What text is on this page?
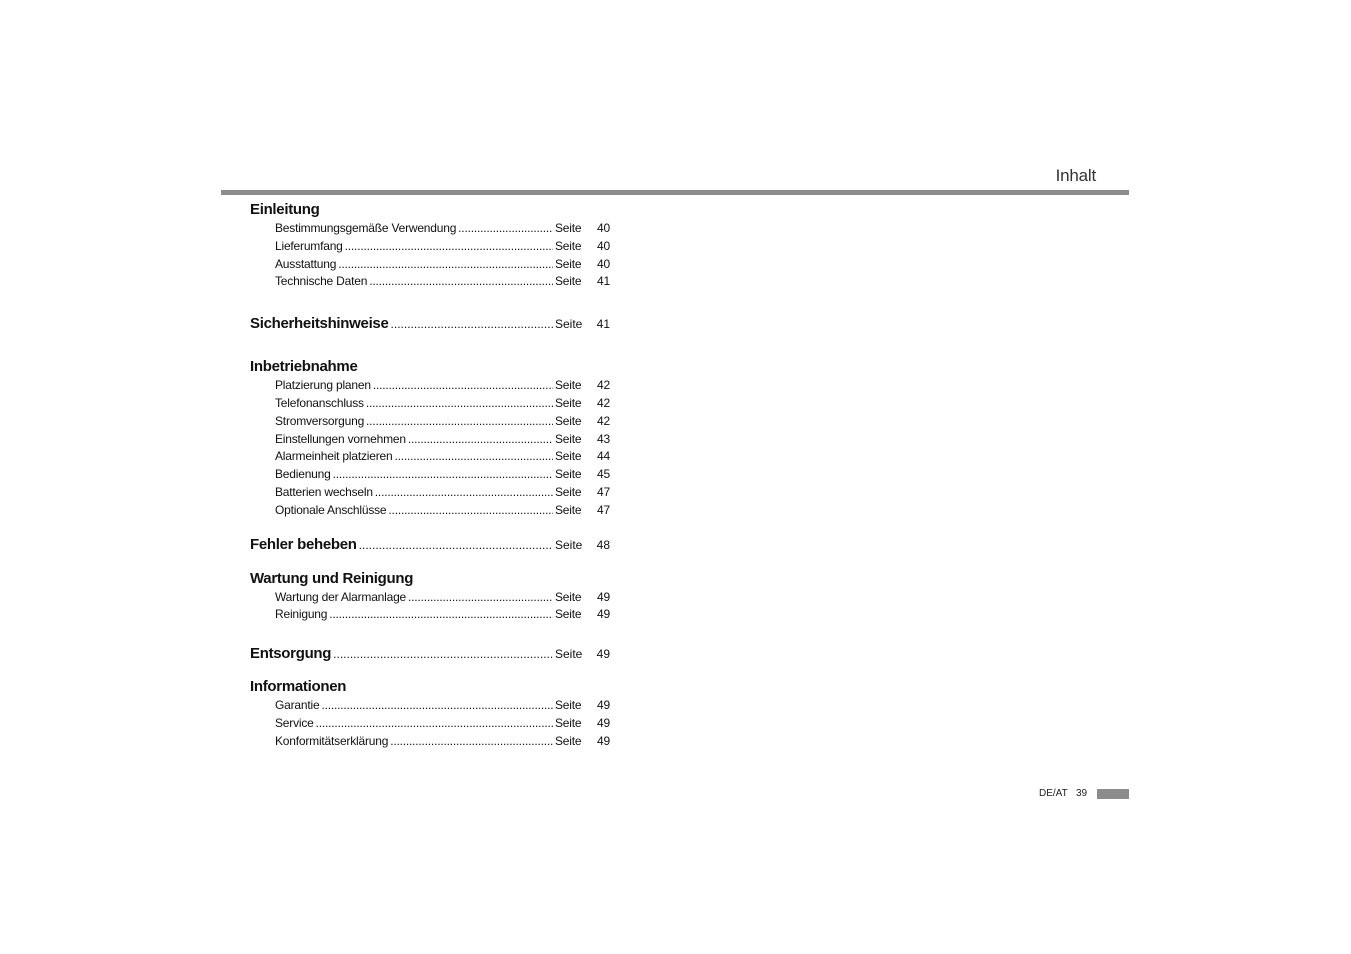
Inhalt
Einleitung
Bestimmungsgemäße Verwendung .....	Seite	40
Lieferumfang .....	Seite	40
Ausstattung .....	Seite	40
Technische Daten .....	Seite	41
Sicherheitshinweise .....	Seite	41
Inbetriebnahme
Platzierung planen .....	Seite	42
Telefonanschluss .....	Seite	42
Stromversorgung .....	Seite	42
Einstellungen vornehmen .....	Seite	43
Alarmeinheit platzieren .....	Seite	44
Bedienung .....	Seite	45
Batterien wechseln .....	Seite	47
Optionale Anschlüsse .....	Seite	47
Fehler beheben .....	Seite	48
Wartung und Reinigung
Wartung der Alarmanlage .....	Seite	49
Reinigung .....	Seite	49
Entsorgung .....	Seite	49
Informationen
Garantie .....	Seite	49
Service .....	Seite	49
Konformitätserklärung .....	Seite	49
DE/AT 39
